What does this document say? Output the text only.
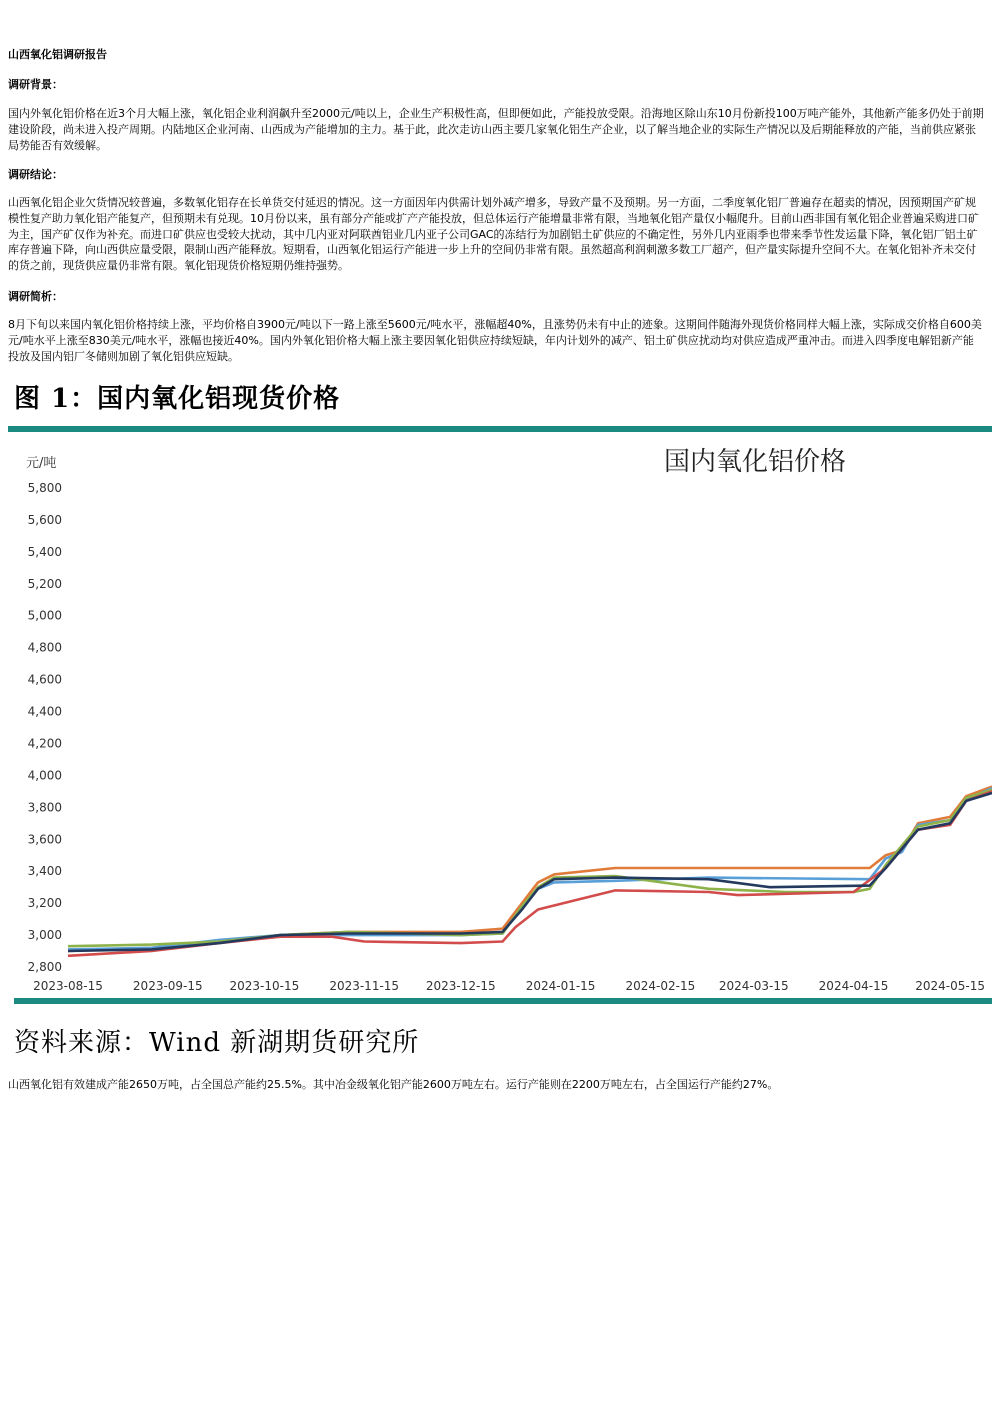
山西氧化铝调研报告
调研背景：

国内外氧化铝价格在近3个月大幅上涨，氧化铝企业利润飙升至2000元/吨以上，企业生产积极性高，但即便如此，产能投放受限。沿海地区除山东10月份新投100万吨产能外，其他新产能多仍处于前期建设阶段，尚未进入投产周期。内陆地区企业河南、山西成为产能增加的主力。基于此，此次走访山西主要几家氧化铝生产企业，以了解当地企业的实际生产情况以及后期能释放的产能，当前供应紧张局势能否有效缓解。

调研结论：

山西氧化铝企业欠货情况较普遍，多数氧化铝存在长单货交付延迟的情况。这一方面因年内供需计划外减产增多，导致产量不及预期。另一方面，二季度氧化铝厂普遍存在超卖的情况，因预期国产矿规模性复产助力氧化铝产能复产，但预期未有兑现。10月份以来，虽有部分产能或扩产产能投放，但总体运行产能增量非常有限，当地氧化铝产量仅小幅爬升。目前山西非国有氧化铝企业普遍采购进口矿为主，国产矿仅作为补充。而进口矿供应也受较大扰动，其中几内亚对阿联酋铝业几内亚子公司GAC的冻结行为加剧铝土矿供应的不确定性，另外几内亚雨季也带来季节性发运量下降，氧化铝厂铝土矿库存普遍下降，向山西供应量受限，限制山西产能释放。短期看，山西氧化铝运行产能进一步上升的空间仍非常有限。虽然超高利润刺激多数工厂超产，但产量实际提升空间不大。在氧化铝补齐未交付的货之前，现货供应量仍非常有限。氧化铝现货价格短期仍维持强势。

调研简析：

8月下旬以来国内氧化铝价格持续上涨，平均价格自3900元/吨以下一路上涨至5600元/吨水平，涨幅超40%，且涨势仍未有中止的迹象。这期间伴随海外现货价格同样大幅上涨，实际成交价格自600美元/吨水平上涨至830美元/吨水平，涨幅也接近40%。国内外氧化铝价格大幅上涨主要因氧化铝供应持续短缺，年内计划外的减产、铝土矿供应扰动均对供应造成严重冲击。而进入四季度电解铝新产能投放及国内铝厂冬储则加剧了氧化铝供应短缺。

图 1：国内氧化铝现货价格
元/吨	国内氧化铝价格
2,800
3,000
3,200
3,400
3,600
3,800
4,000
4,200
4,400
4,600
4,800
5,000
5,200
5,400
5,600
5,800
2023-08-15	2023-09-15 2023-10-15	2023-11-15 2023-12-15	2024-01-15	2024-02-15 2024-03-15	2024-04-15 2024-05-15
资料来源：Wind 新湖期货研究所

山西氧化铝有效建成产能2650万吨，占全国总产能约25.5%。其中冶金级氧化铝产能2600万吨左右。运行产能则在2200万吨左右，占全国运行产能约27%。
